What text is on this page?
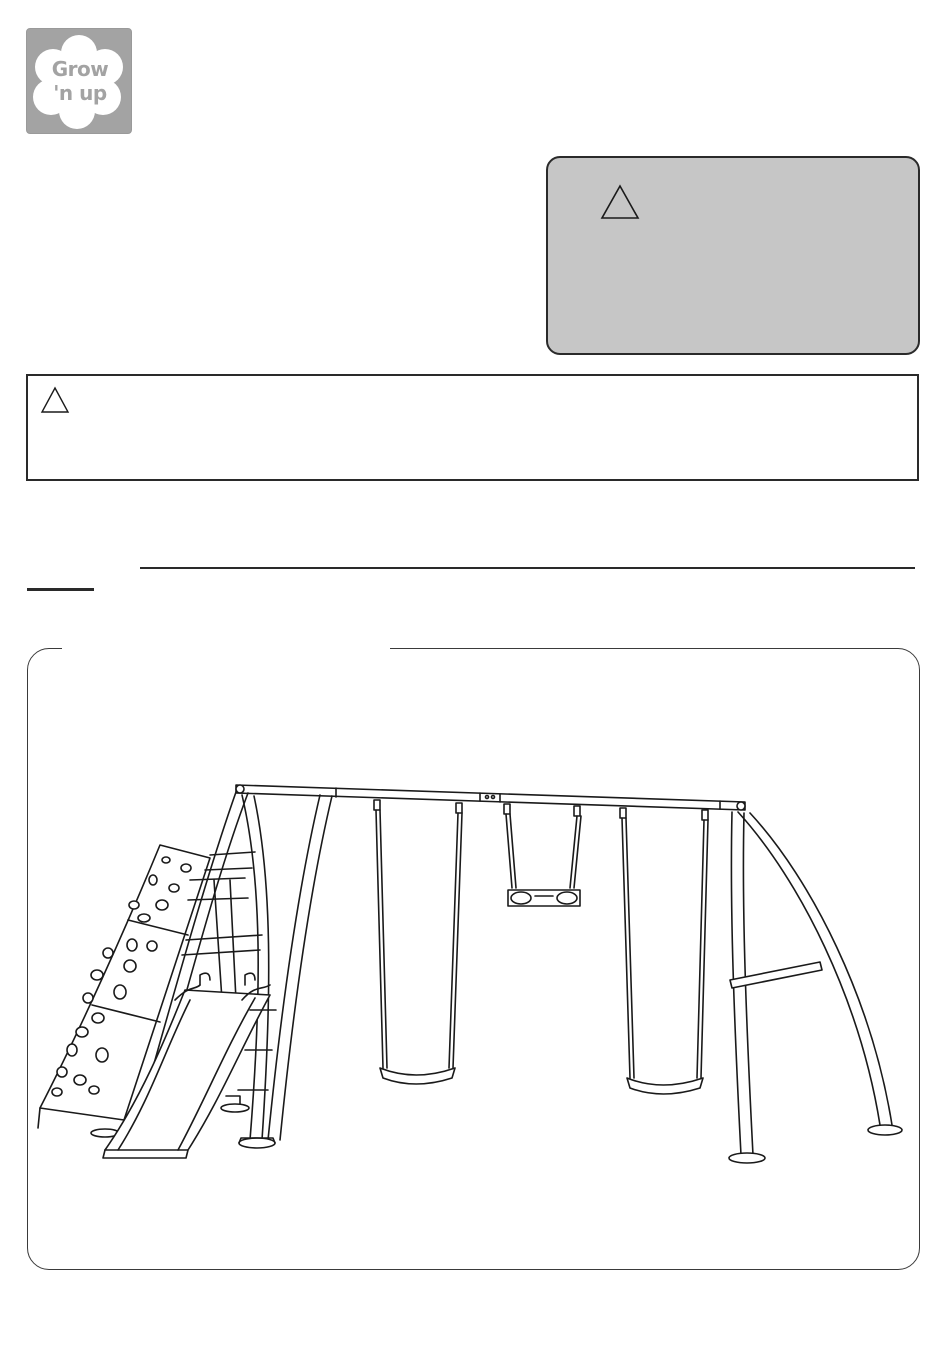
Grow
'n up
